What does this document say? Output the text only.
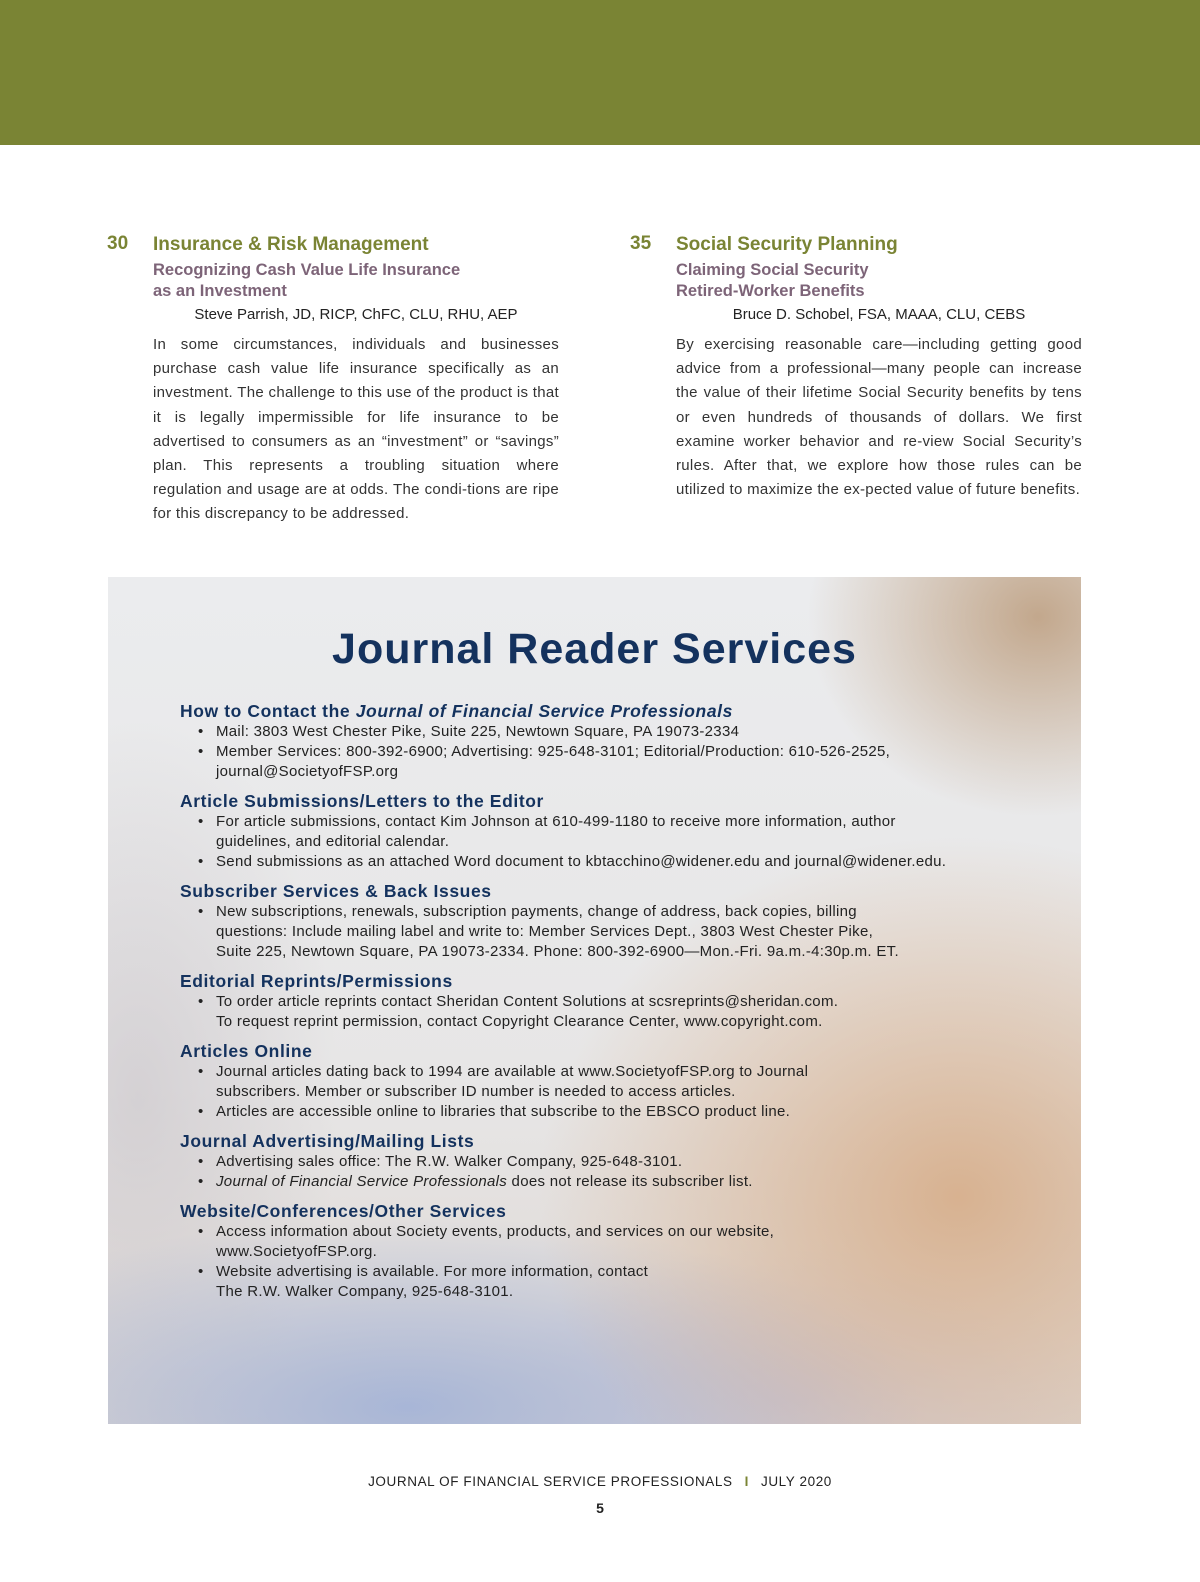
30 Insurance & Risk Management
Recognizing Cash Value Life Insurance
as an Investment
Steve Parrish, JD, RICP, ChFC, CLU, RHU, AEP
In some circumstances, individuals and businesses purchase cash value life insurance specifically as an investment. The challenge to this use of the product is that it is legally impermissible for life insurance to be advertised to consumers as an “investment” or “savings” plan. This represents a troubling situation where regulation and usage are at odds. The condi-tions are ripe for this discrepancy to be addressed.
35 Social Security Planning
Claiming Social Security
Retired-Worker Benefits
Bruce D. Schobel, FSA, MAAA, CLU, CEBS
By exercising reasonable care—including getting good advice from a professional—many people can increase the value of their lifetime Social Security benefits by tens or even hundreds of thousands of dollars. We first examine worker behavior and re-view Social Security’s rules. After that, we explore how those rules can be utilized to maximize the ex-pected value of future benefits.
Journal Reader Services
How to Contact the Journal of Financial Service Professionals
• Mail: 3803 West Chester Pike, Suite 225, Newtown Square, PA 19073-2334
• Member Services: 800-392-6900; Advertising: 925-648-3101; Editorial/Production: 610-526-2525,
journal@SocietyofFSP.org
Article Submissions/Letters to the Editor
• For article submissions, contact Kim Johnson at 610-499-1180 to receive more information, author
guidelines, and editorial calendar.
• Send submissions as an attached Word document to kbtacchino@widener.edu and journal@widener.edu.
Subscriber Services & Back Issues
• New subscriptions, renewals, subscription payments, change of address, back copies, billing
questions: Include mailing label and write to: Member Services Dept., 3803 West Chester Pike,
Suite 225, Newtown Square, PA 19073-2334. Phone: 800-392-6900—Mon.-Fri. 9a.m.-4:30p.m. ET.
Editorial Reprints/Permissions
• To order article reprints contact Sheridan Content Solutions at scsreprints@sheridan.com.
To request reprint permission, contact Copyright Clearance Center, www.copyright.com.
Articles Online
• Journal articles dating back to 1994 are available at www.SocietyofFSP.org to Journal
subscribers. Member or subscriber ID number is needed to access articles.
• Articles are accessible online to libraries that subscribe to the EBSCO product line.
Journal Advertising/Mailing Lists
• Advertising sales office: The R.W. Walker Company, 925-648-3101.
• Journal of Financial Service Professionals does not release its subscriber list.
Website/Conferences/Other Services
• Access information about Society events, products, and services on our website,
www.SocietyofFSP.org.
• Website advertising is available. For more information, contact
The R.W. Walker Company, 925-648-3101.
JOURNAL OF FINANCIAL SERVICE PROFESSIONALS I JULY 2020
5
